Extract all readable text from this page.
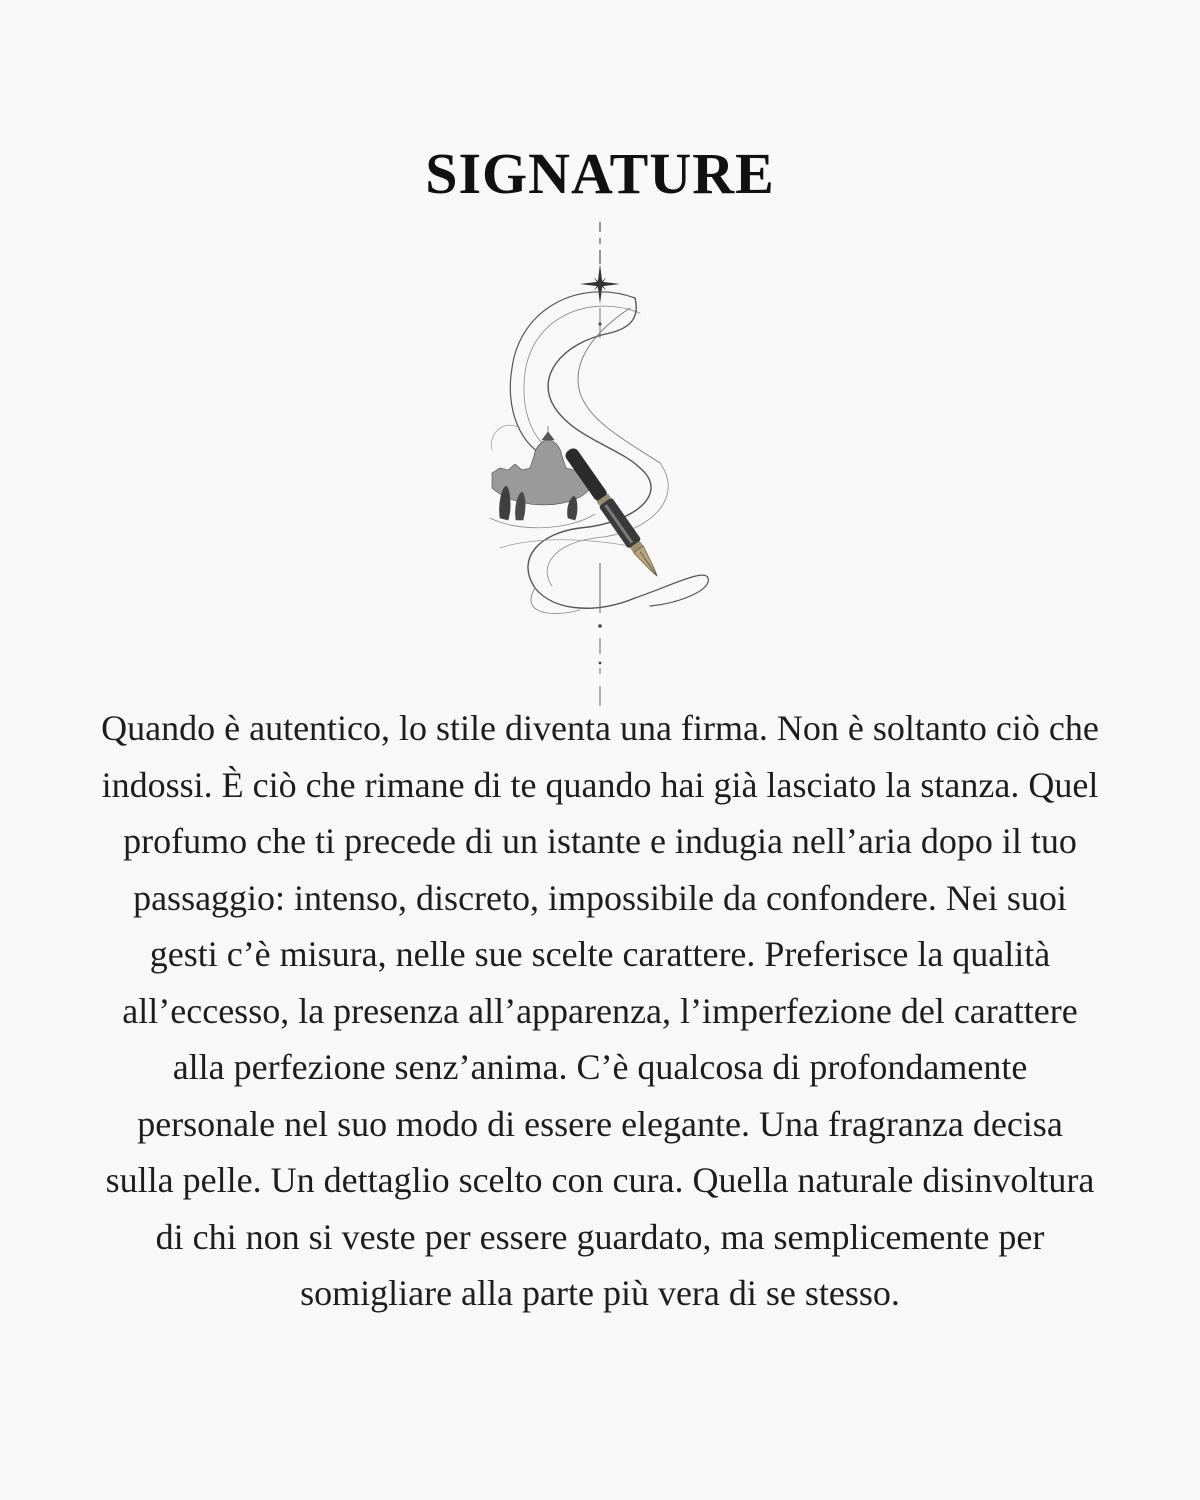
SIGNATURE

Quando è autentico, lo stile diventa una firma. Non è soltanto ciò che indossi. È ciò che rimane di te quando hai già lasciato la stanza. Quel profumo che ti precede di un istante e indugia nell’aria dopo il tuo passaggio: intenso, discreto, impossibile da confondere. Nei suoi gesti c’è misura, nelle sue scelte carattere. Preferisce la qualità all’eccesso, la presenza all’apparenza, l’imperfezione del carattere alla perfezione senz’anima. C’è qualcosa di profondamente personale nel suo modo di essere elegante. Una fragranza decisa sulla pelle. Un dettaglio scelto con cura. Quella naturale disinvoltura di chi non si veste per essere guardato, ma semplicemente per somigliare alla parte più vera di se stesso.
